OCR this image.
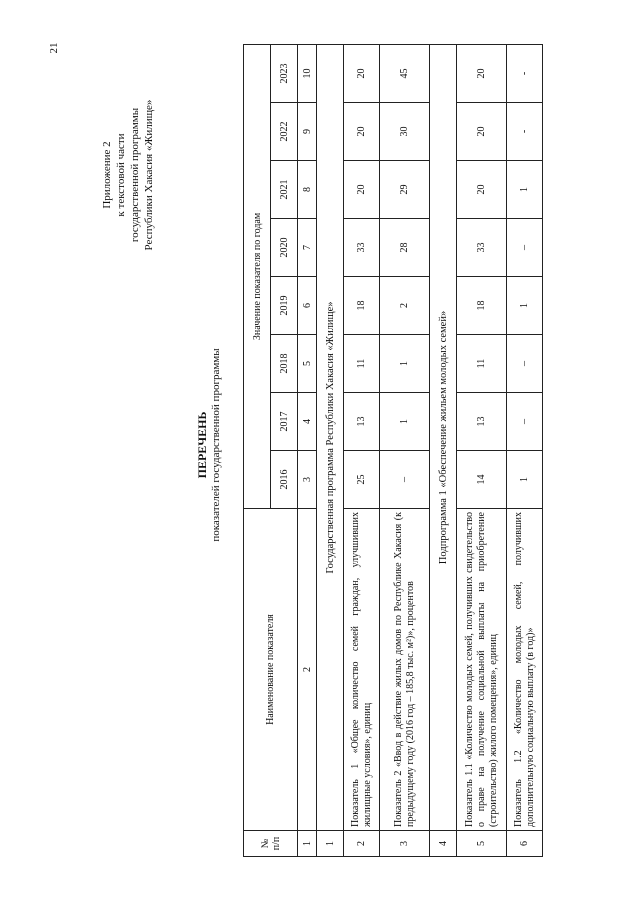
21
Приложение 2 к текстовой части государственной программы Республики Хакасия «Жилище»
ПЕРЕЧЕНЬ показателей государственной программы
№ п/п	Наименование показателя	Значение показателя по годам							
		2016	2017	2018	2019	2020	2021	2022	2023
1	2	3	4	5	6	7	8	9	10
1	Государственная программа Республики Хакасия «Жилище»								
2	Показатель 1 «Общее количество семей граждан, улучшивших жилищные условия», единиц	25	13	11	18	33	20	20	20
3	Показатель 2 «Ввод в действие жилых домов по Республике Хакасия (к предыдущему году (2016 год – 185,8 тыс. м²)», процентов	–	1	1	2	28	29	30	45
4	Подпрограмма 1 «Обеспечение жильем молодых семей»								
5	Показатель 1.1 «Количество молодых семей, получивших свидетельство о праве на получение социальной выплаты на приобретение (строительство) жилого помещения», единиц	14	13	11	18	33	20	20	20
6	Показатель 1.2 «Количество молодых семей, получивших дополнительную социальную выплату (в год)»	1	–	–	1	–	1	-	-
